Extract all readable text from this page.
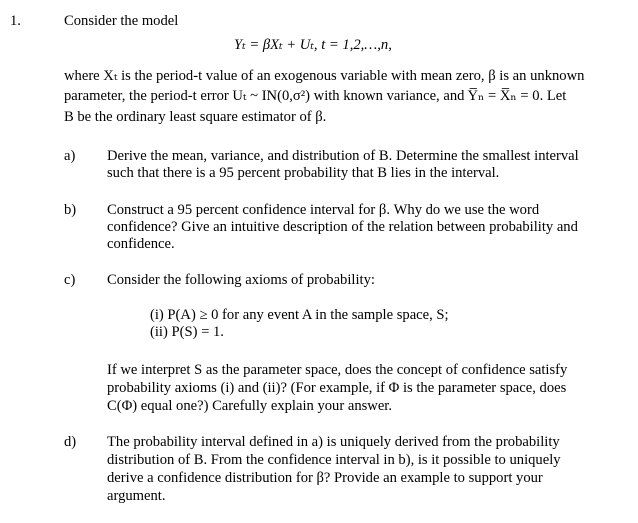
1.	Consider the model
Yₜ = βXₜ + Uₜ, t = 1,2,…,n,
where Xₜ is the period-t value of an exogenous variable with mean zero, β is an unknown
parameter, the period-t error Uₜ ~ IN(0,σ²) with known variance, and Y̅ₙ = X̅ₙ = 0. Let
B be the ordinary least square estimator of β.
a) Derive the mean, variance, and distribution of B. Determine the smallest interval
such that there is a 95 percent probability that B lies in the interval.
b) Construct a 95 percent confidence interval for β. Why do we use the word
confidence? Give an intuitive description of the relation between probability and
confidence.
c) Consider the following axioms of probability:
(i) P(A) ≥ 0 for any event A in the sample space, S;
(ii) P(S) = 1.
If we interpret S as the parameter space, does the concept of confidence satisfy
probability axioms (i) and (ii)? (For example, if Φ is the parameter space, does
C(Φ) equal one?) Carefully explain your answer.
d) The probability interval defined in a) is uniquely derived from the probability
distribution of B. From the confidence interval in b), is it possible to uniquely
derive a confidence distribution for β? Provide an example to support your
argument.
